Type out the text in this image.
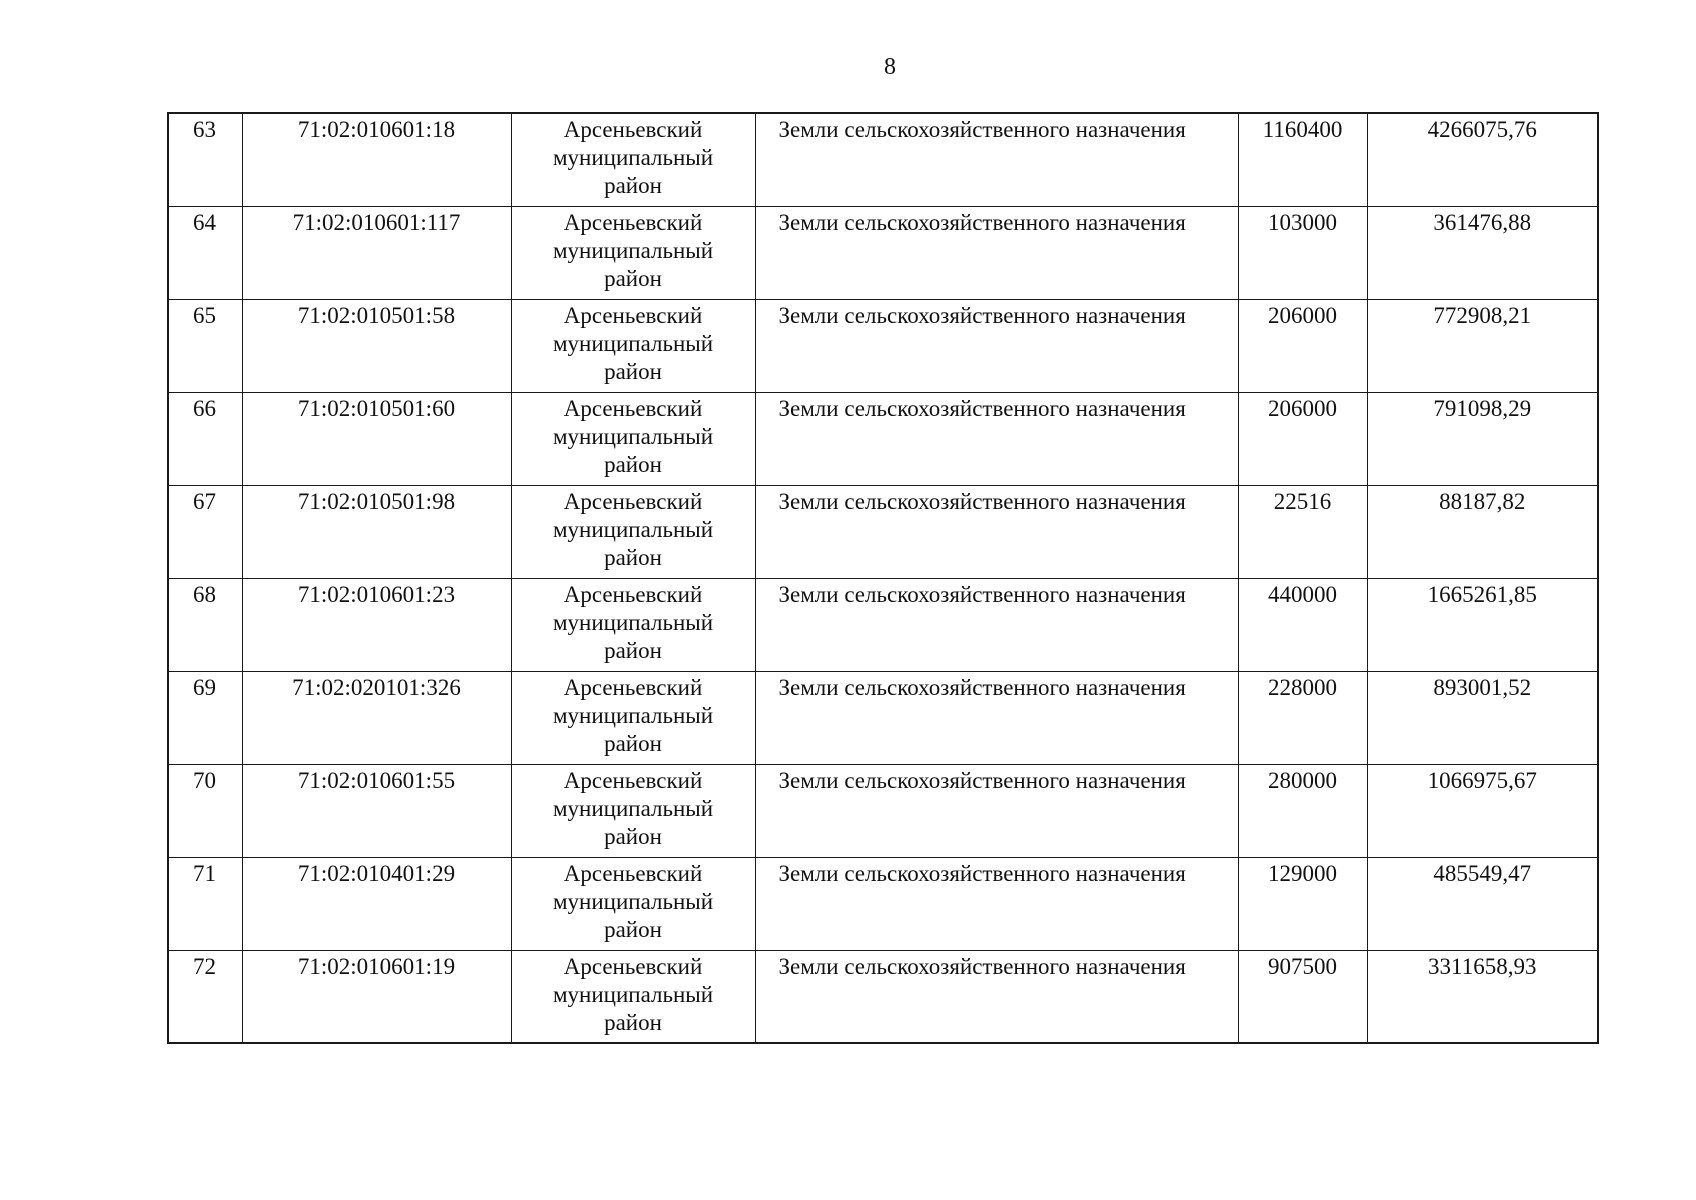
8
63	71:02:010601:18	Арсеньевский
муниципальный
район	Земли сельскохозяйственного назначения	1160400	4266075,76
64	71:02:010601:117	Арсеньевский
муниципальный
район	Земли сельскохозяйственного назначения	103000	361476,88
65	71:02:010501:58	Арсеньевский
муниципальный
район	Земли сельскохозяйственного назначения	206000	772908,21
66	71:02:010501:60	Арсеньевский
муниципальный
район	Земли сельскохозяйственного назначения	206000	791098,29
67	71:02:010501:98	Арсеньевский
муниципальный
район	Земли сельскохозяйственного назначения	22516	88187,82
68	71:02:010601:23	Арсеньевский
муниципальный
район	Земли сельскохозяйственного назначения	440000	1665261,85
69	71:02:020101:326	Арсеньевский
муниципальный
район	Земли сельскохозяйственного назначения	228000	893001,52
70	71:02:010601:55	Арсеньевский
муниципальный
район	Земли сельскохозяйственного назначения	280000	1066975,67
71	71:02:010401:29	Арсеньевский
муниципальный
район	Земли сельскохозяйственного назначения	129000	485549,47
72	71:02:010601:19	Арсеньевский
муниципальный
район	Земли сельскохозяйственного назначения	907500	3311658,93
